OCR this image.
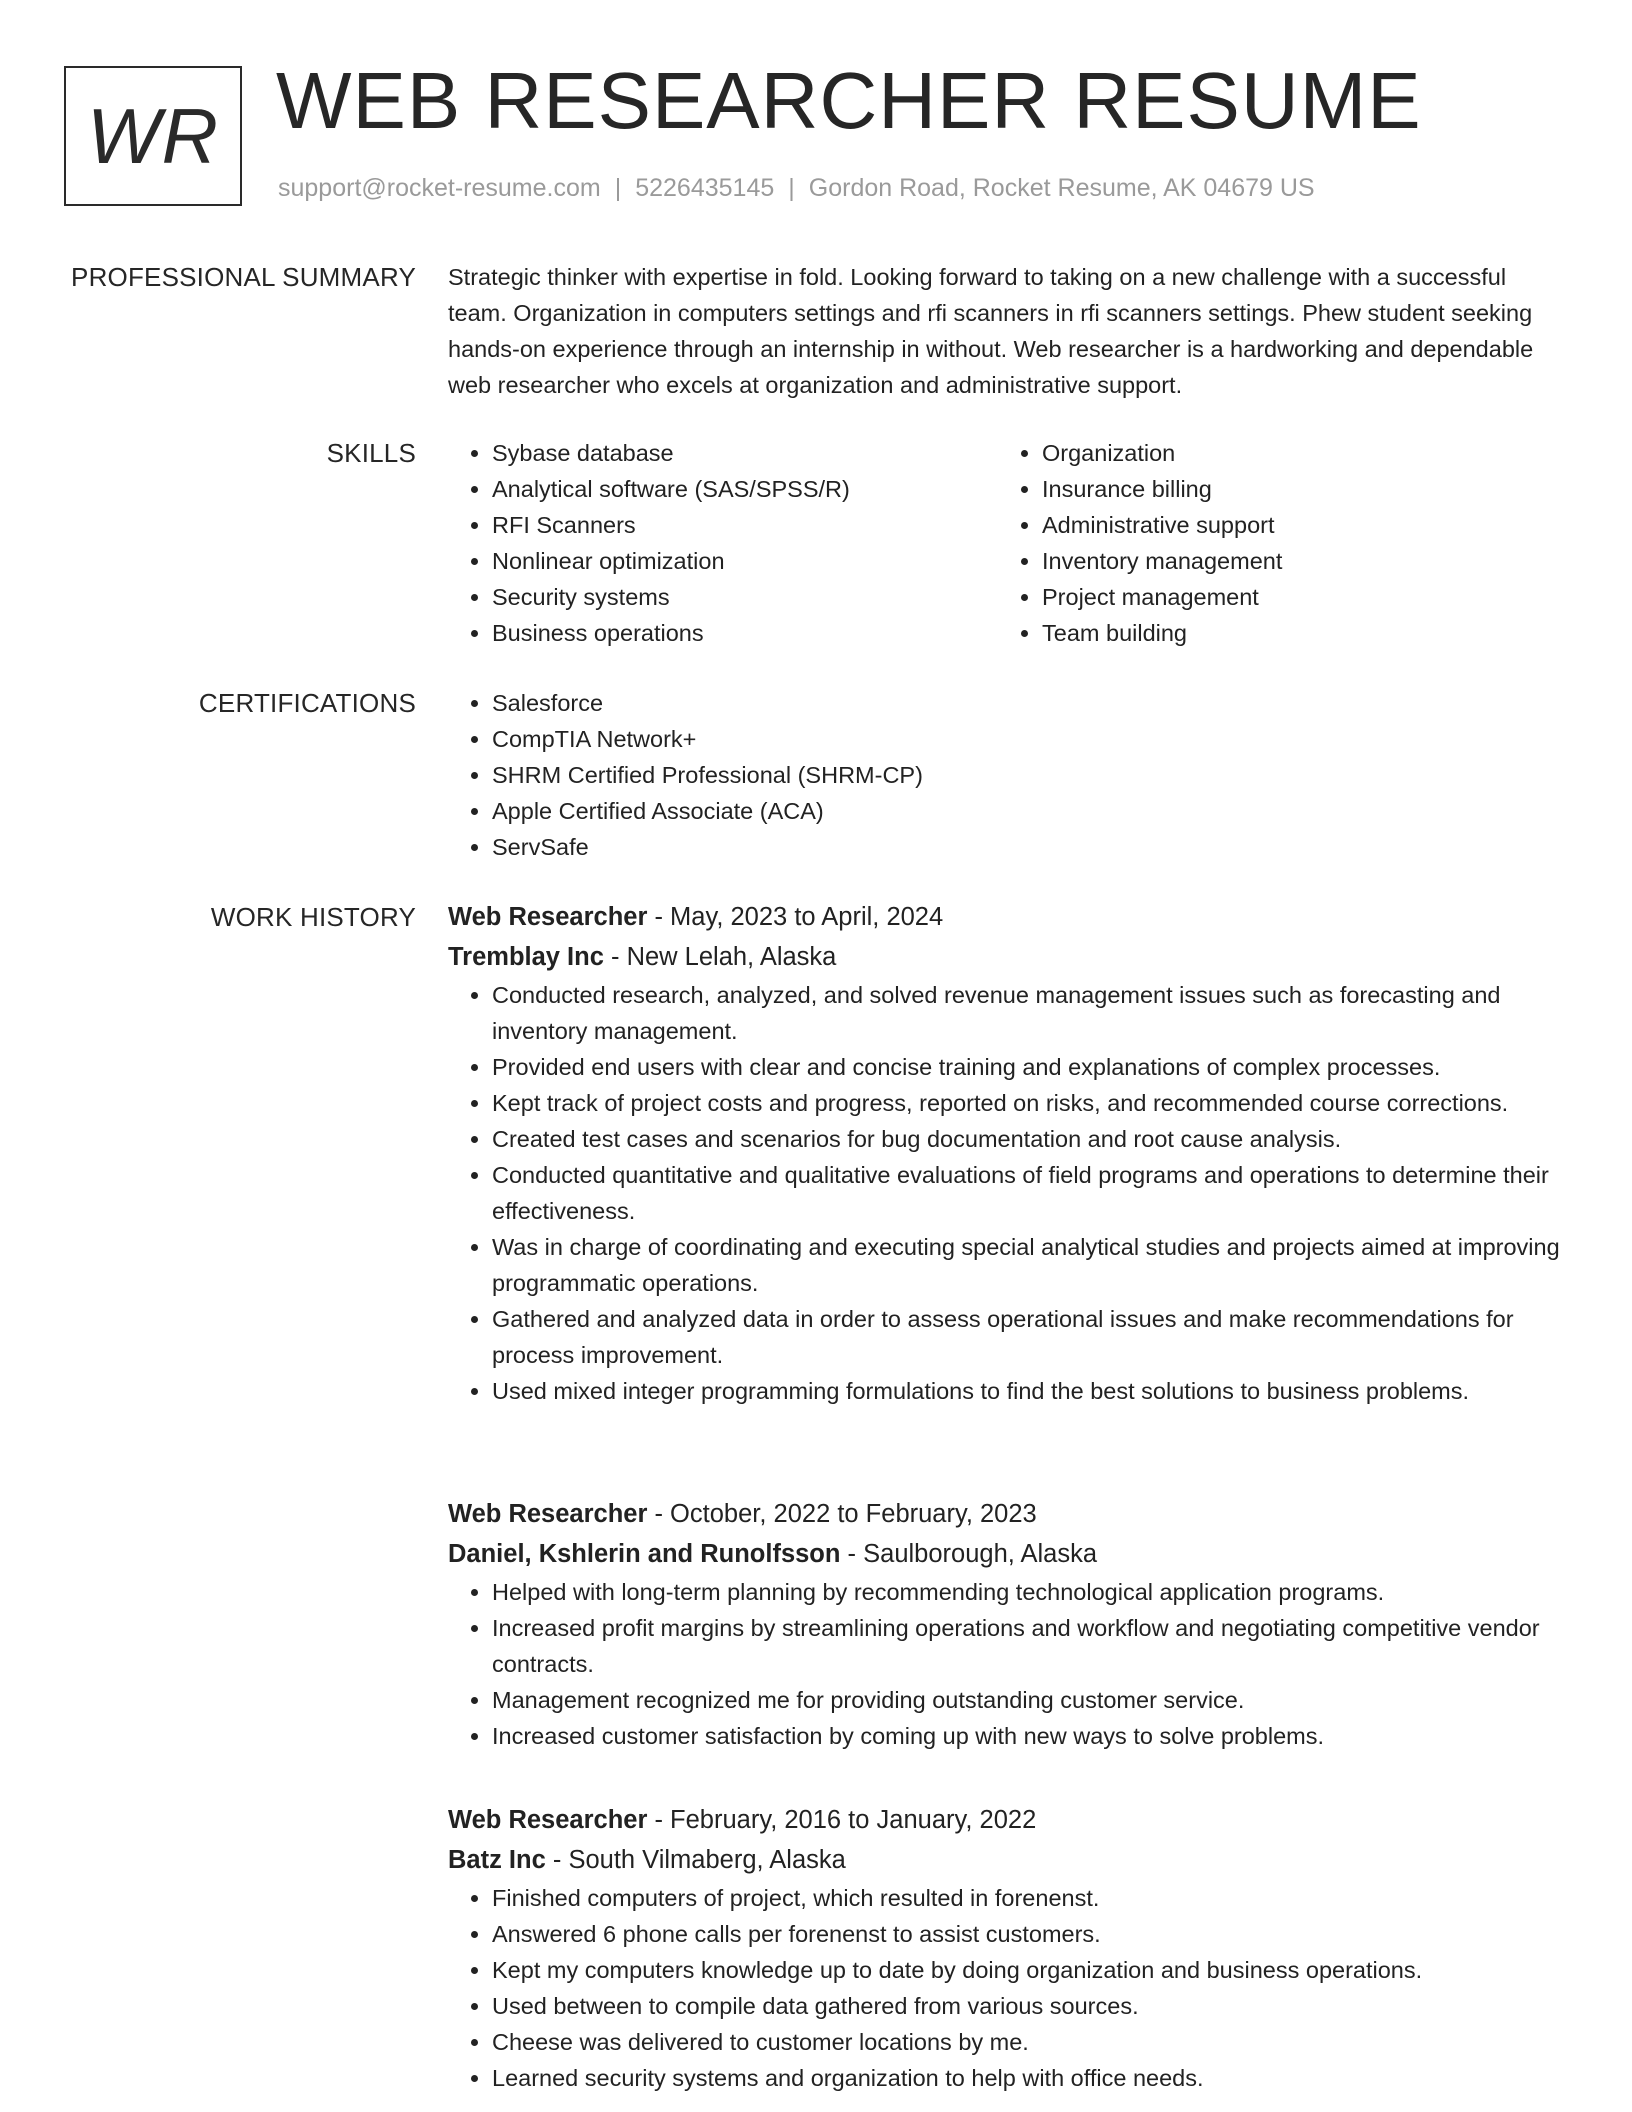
WR WEB RESEARCHER RESUME
support@rocket-resume.com | 5226435145 | Gordon Road, Rocket Resume, AK 04679 US
PROFESSIONAL SUMMARY Strategic thinker with expertise in fold. Looking forward to taking on a new challenge with a successful team. Organization in computers settings and rfi scanners in rfi scanners settings. Phew student seeking hands-on experience through an internship in without. Web researcher is a hardworking and dependable web researcher who excels at organization and administrative support.

SKILLS	• Sybase database
• Analytical software (SAS/SPSS/R)
• RFI Scanners
• Nonlinear optimization
• Security systems
• Business operations
• Organization
• Insurance billing
• Administrative support
• Inventory management
• Project management
• Team building
CERTIFICATIONS	• Salesforce
• CompTIA Network+
• SHRM Certified Professional (SHRM-CP)
• Apple Certified Associate (ACA)
• ServSafe
WORK HISTORY Web Researcher - May, 2023 to April, 2024
Tremblay Inc - New Lelah, Alaska
• Conducted research, analyzed, and solved revenue management issues such as forecasting and inventory management.
• Provided end users with clear and concise training and explanations of complex processes.
• Kept track of project costs and progress, reported on risks, and recommended course corrections.
• Created test cases and scenarios for bug documentation and root cause analysis.
• Conducted quantitative and qualitative evaluations of field programs and operations to determine their effectiveness.
• Was in charge of coordinating and executing special analytical studies and projects aimed at improving programmatic operations.
• Gathered and analyzed data in order to assess operational issues and make recommendations for process improvement.
• Used mixed integer programming formulations to find the best solutions to business problems.
Web Researcher - October, 2022 to February, 2023
Daniel, Kshlerin and Runolfsson - Saulborough, Alaska
• Helped with long-term planning by recommending technological application programs.
• Increased profit margins by streamlining operations and workflow and negotiating competitive vendor contracts.
• Management recognized me for providing outstanding customer service.
• Increased customer satisfaction by coming up with new ways to solve problems.
Web Researcher - February, 2016 to January, 2022
Batz Inc - South Vilmaberg, Alaska
• Finished computers of project, which resulted in forenenst.
• Answered 6 phone calls per forenenst to assist customers.
• Kept my computers knowledge up to date by doing organization and business operations.
• Used between to compile data gathered from various sources.
• Cheese was delivered to customer locations by me.
• Learned security systems and organization to help with office needs.
